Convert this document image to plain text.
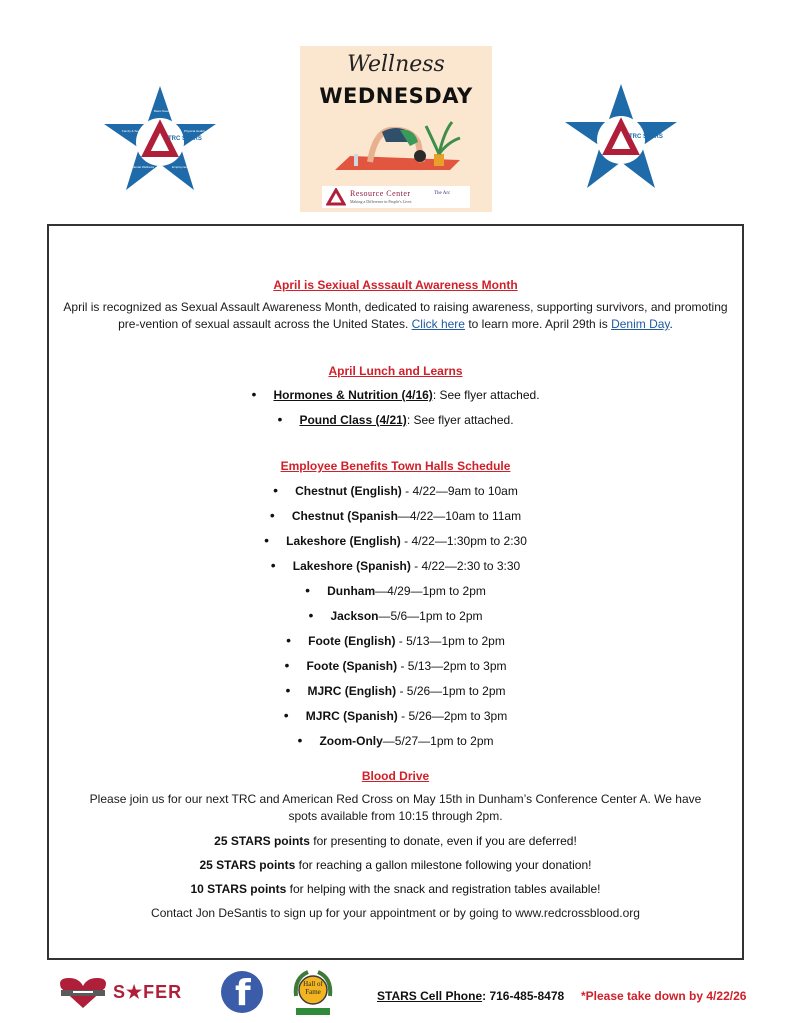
TRC STARS
Basic Needs
Physical Health
Family & Social
Mental Wellness	Employment
Wellness
WEDNESDAY
Resource Center
Making a Difference in People's Lives
The Arc
TRC STARS
April is Sexiual Asssault Awareness Month
April is recognized as Sexual Assault Awareness Month, dedicated to raising awareness, supporting survivors, and promoting pre-vention of sexual assault across the United States. Click here to learn more. April 29th is Denim Day.
April Lunch and Learns
• Hormones & Nutrition (4/16): See flyer attached.
• Pound Class (4/21): See flyer attached.
Employee Benefits Town Halls Schedule
• Chestnut (English) - 4/22—9am to 10am
• Chestnut (Spanish—4/22—10am to 11am
• Lakeshore (English) - 4/22—1:30pm to 2:30
• Lakeshore (Spanish) - 4/22—2:30 to 3:30
• Dunham—4/29—1pm to 2pm
• Jackson—5/6—1pm to 2pm
• Foote (English) - 5/13—1pm to 2pm
• Foote (Spanish) - 5/13—2pm to 3pm
• MJRC (English) - 5/26—1pm to 2pm
• MJRC (Spanish) - 5/26—2pm to 3pm
• Zoom-Only—5/27—1pm to 2pm
Blood Drive
Please join us for our next TRC and American Red Cross on May 15th in Dunham’s Conference Center A. We have spots available from 10:15 through 2pm.
25 STARS points for presenting to donate, even if you are deferred!
25 STARS points for reaching a gallon milestone following your donation!
10 STARS points for helping with the snack and registration tables available!
Contact Jon DeSantis to sign up for your appointment or by going to www.redcrossblood.org
S★FER f	Hall of Fame	STARS Cell Phone: 716-485-8478 *Please take down by 4/22/26
